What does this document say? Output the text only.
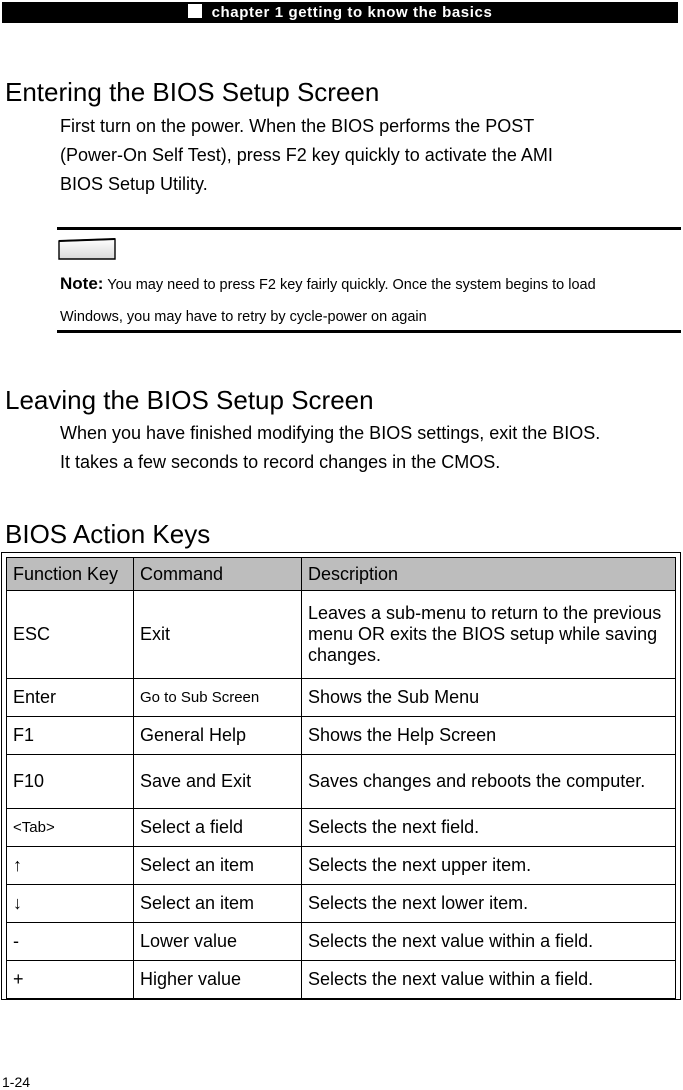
chapter 1 getting to know the basics
Entering the BIOS Setup Screen
First turn on the power. When the BIOS performs the POST
(Power-On Self Test), press F2 key quickly to activate the AMI
BIOS Setup Utility.
Note: You may need to press F2 key fairly quickly. Once the system begins to load
Windows, you may have to retry by cycle-power on again
Leaving the BIOS Setup Screen
When you have finished modifying the BIOS settings, exit the BIOS.
It takes a few seconds to record changes in the CMOS.
BIOS Action Keys
Function Key	Command	Description
ESC	Exit	Leaves a sub-menu to return to the previous menu OR exits the BIOS setup while saving changes.
Enter	Go to Sub Screen	Shows the Sub Menu
F1	General Help	Shows the Help Screen
F10	Save and Exit	Saves changes and reboots the computer.
<Tab>	Select a field	Selects the next field.
↑	Select an item	Selects the next upper item.
↓	Select an item	Selects the next lower item.
-	Lower value	Selects the next value within a field.
+	Higher value	Selects the next value within a field.
1-24
